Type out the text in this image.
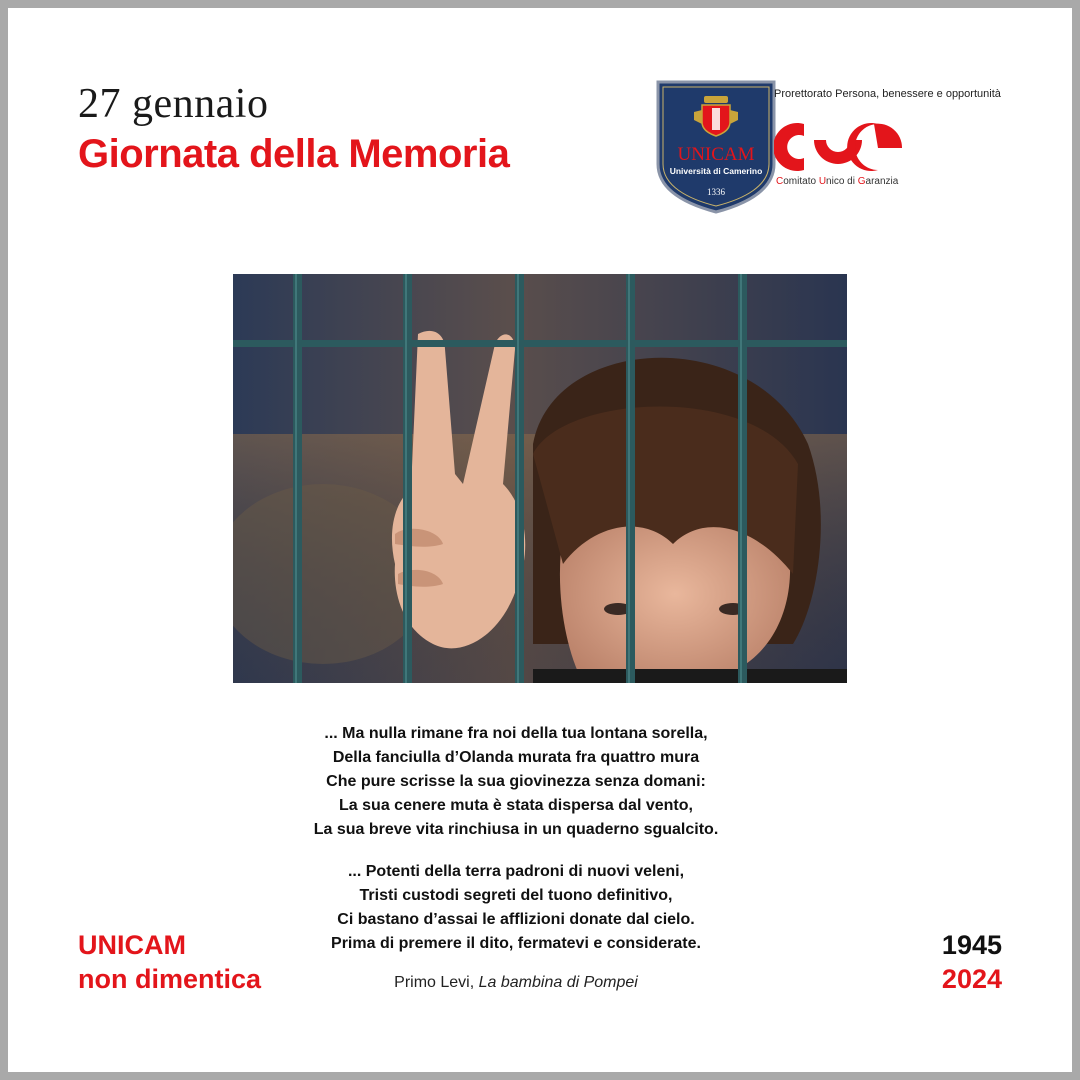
27 gennaio
Giornata della Memoria	UNICAM
Università di Camerino
1336
Prorettorato Persona, benessere e opportunità
Comitato Unico di Garanzia
... Ma nulla rimane fra noi della tua lontana sorella,
Della fanciulla d’Olanda murata fra quattro mura
Che pure scrisse la sua giovinezza senza domani:
La sua cenere muta è stata dispersa dal vento,
La sua breve vita rinchiusa in un quaderno sgualcito.
... Potenti della terra padroni di nuovi veleni,
Tristi custodi segreti del tuono definitivo,
Ci bastano d’assai le afflizioni donate dal cielo.
Prima di premere il dito, fermatevi e considerate.
Primo Levi, La bambina di Pompei
UNICAM
non dimentica
1945
2024
